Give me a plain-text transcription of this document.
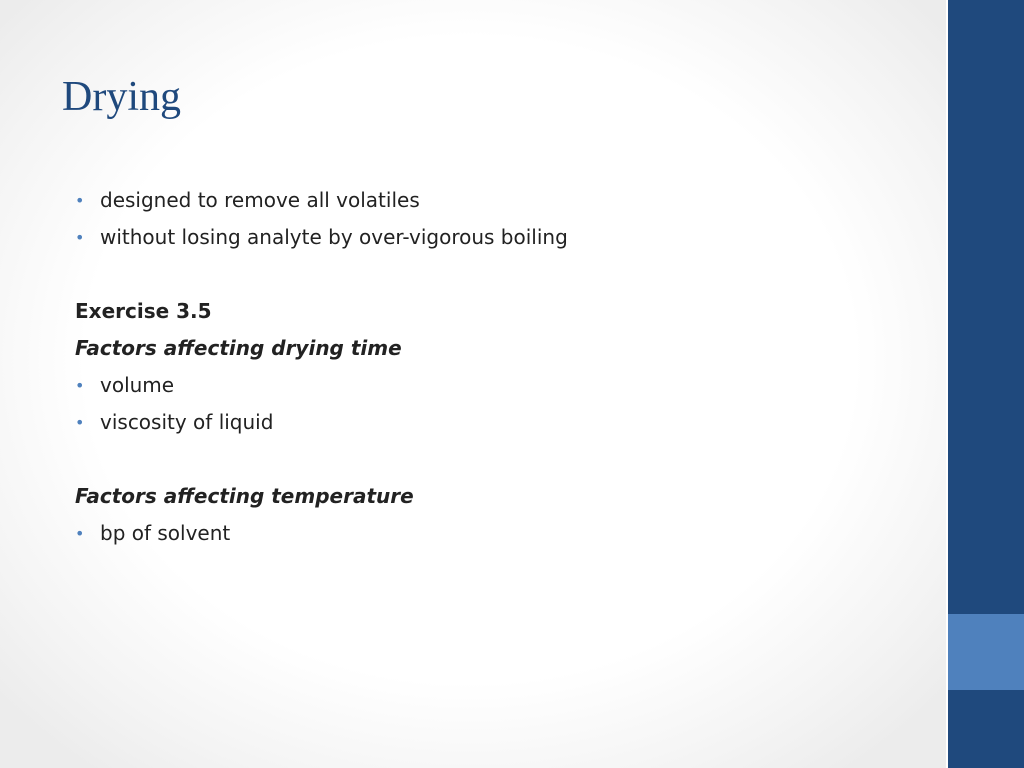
Drying
• designed to remove all volatiles
• without losing analyte by over-vigorous boiling
Exercise 3.5
Factors affecting drying time
• volume
• viscosity of liquid
Factors affecting temperature
• bp of solvent
